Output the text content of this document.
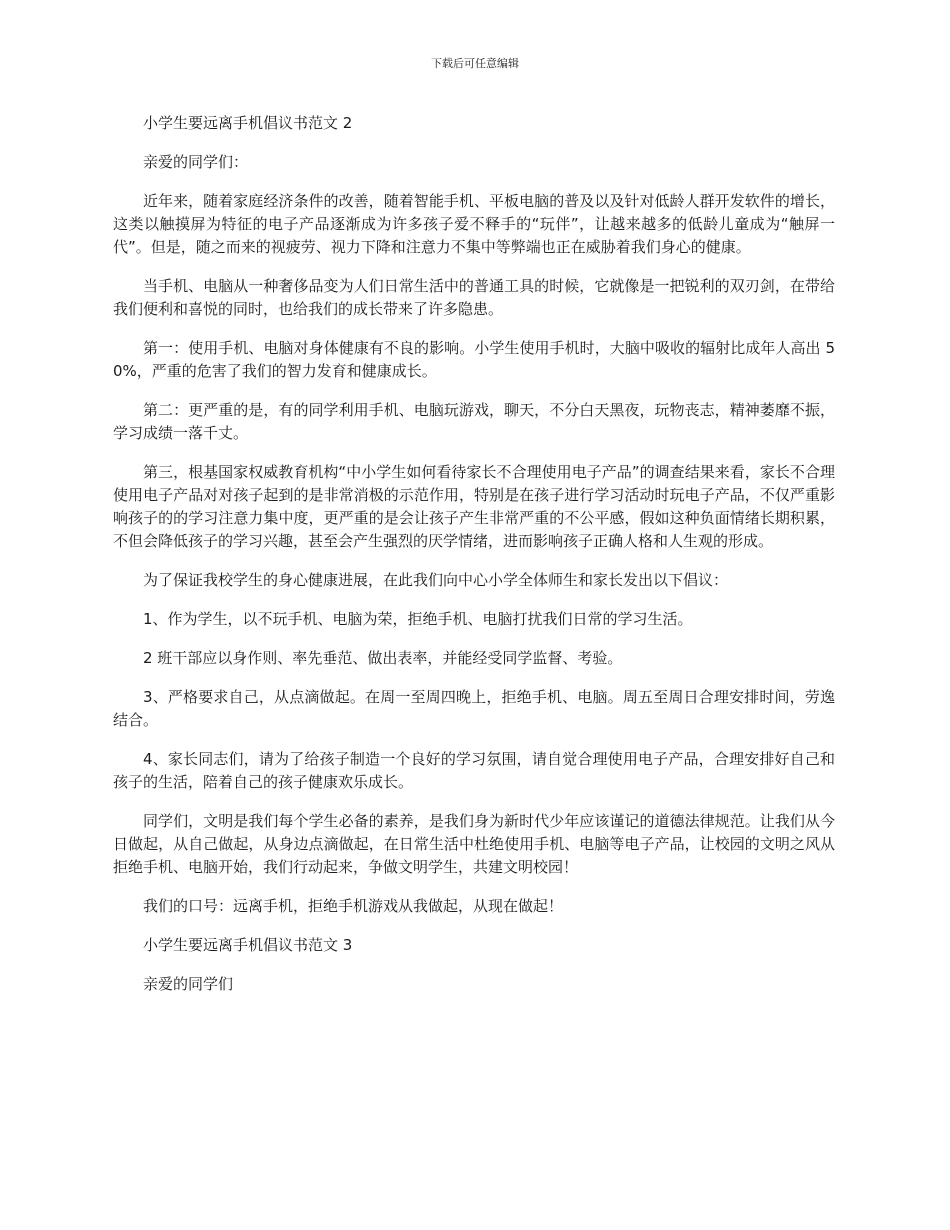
下载后可任意编辑

小学生要远离手机倡议书范文 2

亲爱的同学们：

近年来，随着家庭经济条件的改善，随着智能手机、平板电脑的普及以及针对低龄人群开发软件的增长，这类以触摸屏为特征的电子产品逐渐成为许多孩子爱不释手的“玩伴”，让越来越多的低龄儿童成为“触屏一代”。但是，随之而来的视疲劳、视力下降和注意力不集中等弊端也正在威胁着我们身心的健康。

当手机、电脑从一种奢侈品变为人们日常生活中的普通工具的时候，它就像是一把锐利的双刃剑，在带给我们便利和喜悦的同时，也给我们的成长带来了许多隐患。

第一：使用手机、电脑对身体健康有不良的影响。小学生使用手机时，大脑中吸收的辐射比成年人高出 50%，严重的危害了我们的智力发育和健康成长。

第二：更严重的是，有的同学利用手机、电脑玩游戏，聊天，不分白天黑夜，玩物丧志，精神萎靡不振，学习成绩一落千丈。

第三，根基国家权威教育机构“中小学生如何看待家长不合理使用电子产品”的调查结果来看，家长不合理使用电子产品对对孩子起到的是非常消极的示范作用，特别是在孩子进行学习活动时玩电子产品，不仅严重影响孩子的的学习注意力集中度，更严重的是会让孩子产生非常严重的不公平感，假如这种负面情绪长期积累，不但会降低孩子的学习兴趣，甚至会产生强烈的厌学情绪，进而影响孩子正确人格和人生观的形成。

为了保证我校学生的身心健康进展，在此我们向中心小学全体师生和家长发出以下倡议：

1、作为学生，以不玩手机、电脑为荣，拒绝手机、电脑打扰我们日常的学习生活。

2 班干部应以身作则、率先垂范、做出表率，并能经受同学监督、考验。

3、严格要求自己，从点滴做起。在周一至周四晚上，拒绝手机、电脑。周五至周日合理安排时间，劳逸结合。

4、家长同志们，请为了给孩子制造一个良好的学习氛围，请自觉合理使用电子产品，合理安排好自己和孩子的生活，陪着自己的孩子健康欢乐成长。

同学们，文明是我们每个学生必备的素养，是我们身为新时代少年应该谨记的道德法律规范。让我们从今日做起，从自己做起，从身边点滴做起，在日常生活中杜绝使用手机、电脑等电子产品，让校园的文明之风从拒绝手机、电脑开始，我们行动起来，争做文明学生，共建文明校园！

我们的口号：远离手机，拒绝手机游戏从我做起，从现在做起！

小学生要远离手机倡议书范文 3

亲爱的同学们
